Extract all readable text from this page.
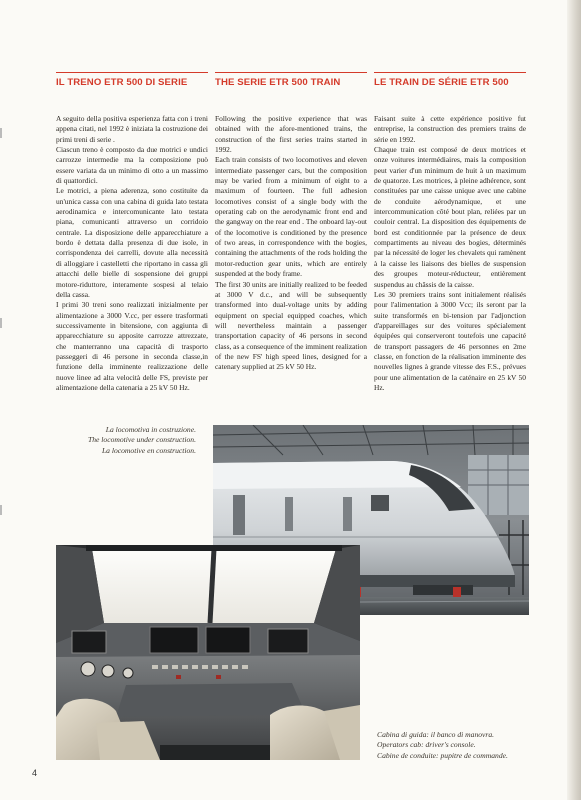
IL TRENO ETR 500 DI SERIE

A seguito della positiva esperienza fatta con i treni appena citati, nel 1992 è iniziata la costruzione dei primi treni di serie .

Ciascun treno è composto da due motrici e undici carrozze intermedie ma la composizione può essere variata da un minimo di otto a un massimo di quattordici.

Le motrici, a piena aderenza, sono costituite da un'unica cassa con una cabina di guida lato testata aerodinamica e intercomunicante lato testata piana, comunicanti attraverso un corridoio centrale. La disposizione delle apparecchiature a bordo è dettata dalla presenza di due isole, in corrispondenza dei carrelli, dovute alla necessità di alloggiare i castelletti che riportano in cassa gli attacchi delle bielle di sospensione dei gruppi motore-riduttore, interamente sospesi al telaio della cassa.

I primi 30 treni sono realizzati inizialmente per alimentazione a 3000 V.cc, per essere trasformati successivamente in bitensione, con aggiunta di apparecchiature su apposite carrozze attrezzate, che manterranno una capacità di trasporto passeggeri di 46 persone in seconda classe,in funzione della imminente realizzazione delle nuove linee ad alta velocità delle FS, previste per alimentazione della catenaria a 25 kV 50 Hz.

THE SERIE ETR 500 TRAIN

Following the positive experience that was obtained with the afore-mentioned trains, the construction of the first series trains started in 1992.

Each train consists of two locomotives and eleven intermediate passenger cars, but the composition may be varied from a minimum of eight to a maximum of fourteen. The full adhesion locomotives consist of a single body with the operating cab on the aerodynamic front end and the gangway on the rear end . The onboard lay-out of the locomotive is conditioned by the presence of two areas, in correspondence with the bogies, containing the attachments of the rods holding the motor-reduction gear units, which are entirely suspended at the body frame.

The first 30 units are initially realized to be feeded at 3000 V d.c., and will be subsequently transformed into dual-voltage units by adding equipment on special equipped coaches, which will nevertheless maintain a passenger transportation capacity of 46 persons in second class, as a consequence of the imminent realization of the new FS' high speed lines, designed for a catenary supplied at 25 kV 50 Hz.

LE TRAIN DE SÉRIE ETR 500

Faisant suite à cette expérience positive fut entreprise, la construction des premiers trains de série en 1992.

Chaque train est composé de deux motrices et onze voitures intermédiaires, mais la composition peut varier d'un minimum de huit à un maximum de quatorze. Les motrices, à pleine adhérence, sont constituées par une caisse unique avec une cabine de conduite aérodynamique, et une intercommunication côté bout plan, reliées par un couloir central. La disposition des équipements de bord est conditionnée par la présence de deux compartiments au niveau des bogies, déterminés par la nécessité de loger les chevalets qui ramènent à la caisse les liaisons des bielles de suspension des groupes moteur-réducteur, entièrement suspendus au châssis de la caisse.

Les 30 premiers trains sont initialement réalisés pour l'alimentation à 3000 Vcc; ils seront par la suite transformés en bi-tension par l'adjonction d'appareillages sur des voitures spécialement équipées qui conserveront toutefois une capacité de transport passagers de 46 personnes en 2me classe, en fonction de la réalisation imminente des nouvelles lignes à grande vitesse des F.S., prévues pour une alimentation de la caténaire en 25 kV 50 Hz.

La locomotiva in costruzione.
The locomotive under construction.
La locomotive en construction.
Cabina di guida: il banco di manovra.
Operators cab: driver's console.
Cabine de conduite: pupitre de commande.
4
